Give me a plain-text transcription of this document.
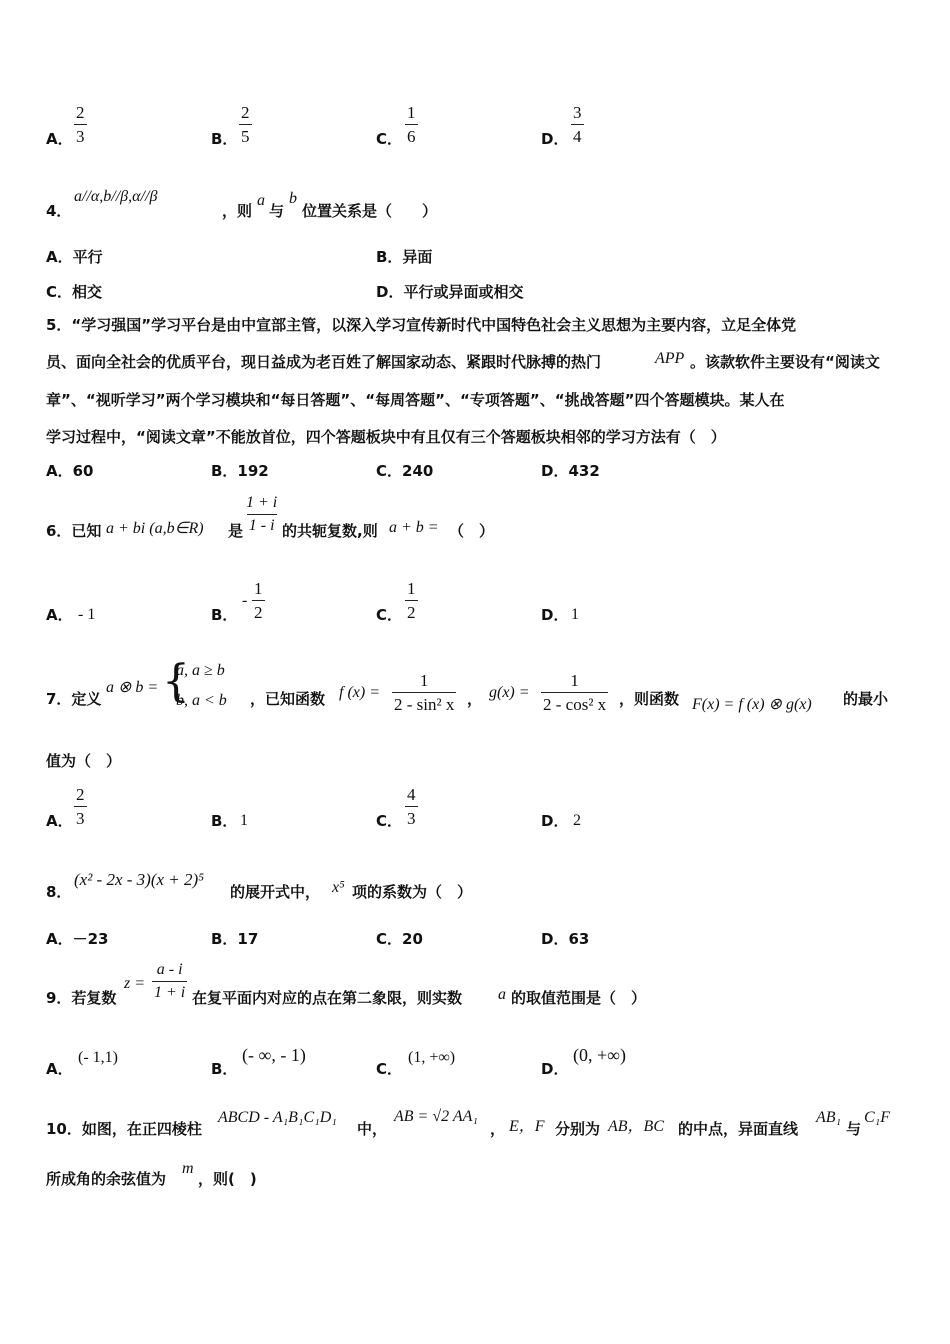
A． $\frac{2}{3}$	B． $\frac{2}{5}$	C． $\frac{1}{6}$	D． $\frac{3}{4}$
4．
a//α,b//β,α//β
，则
a
与
b
位置关系是（　　）
A．平行	B．异面
C．相交	D．平行或异面或相交
5．“学习强国”学习平台是由中宣部主管，以深入学习宣传新时代中国特色社会主义思想为主要内容，立足全体党
员、面向全社会的优质平台，现日益成为老百姓了解国家动态、紧跟时代脉搏的热门	APP 。该款软件主要设有“阅读文
章”、“视听学习”两个学习模块和“每日答题”、“每周答题”、“专项答题”、“挑战答题”四个答题模块。某人在
学习过程中，“阅读文章”不能放首位，四个答题板块中有且仅有三个答题板块相邻的学习方法有（　）
A．60	B．192	C．240	D．432
6．已知 a + bi (a,b∈R) 是 $\frac{1 + i}{1 - i}$ 的共轭复数,则 a + b = （　）
A． - 1	B．
- $\frac{1}{2}$	C． $\frac{1}{2}$	D． 1
7．定义
a ⊗ b = {
a, a ≥ b
b, a < b ，已知函数 f $(x) = \frac{1}{\text{2 - sin² x}}$ ， $g(x) = \frac{1}{\text{2 - cos² x}}$ ，则函数 F(x) = f (x) ⊗ g(x) 的最小
值为（　）
A． $\frac{2}{3}$	B． 1	C． $\frac{4}{3}$	D． 2
8．
(x² - 2x - 3)(x + 2)⁵
的展开式中， x⁵ 项的系数为（　）
A．－23	B．17	C．20	D．63
9．若复数
$z = \frac{a - i}{1 + i}$ 在复平面内对应的点在第二象限，则实数 a 的取值范围是（　）
A．
(- 1,1)
B．
(- ∞, - 1)
C．
(1, +∞)
D．
(0, +∞)
10．如图，在正四棱柱
ABCD - A₁B₁C₁D₁
中，
AB = √2 AA₁
， E，F 分别为 AB，BC 的中点，异面直线
AB₁
与
C₁F
所成角的余弦值为
m
，则(　)
